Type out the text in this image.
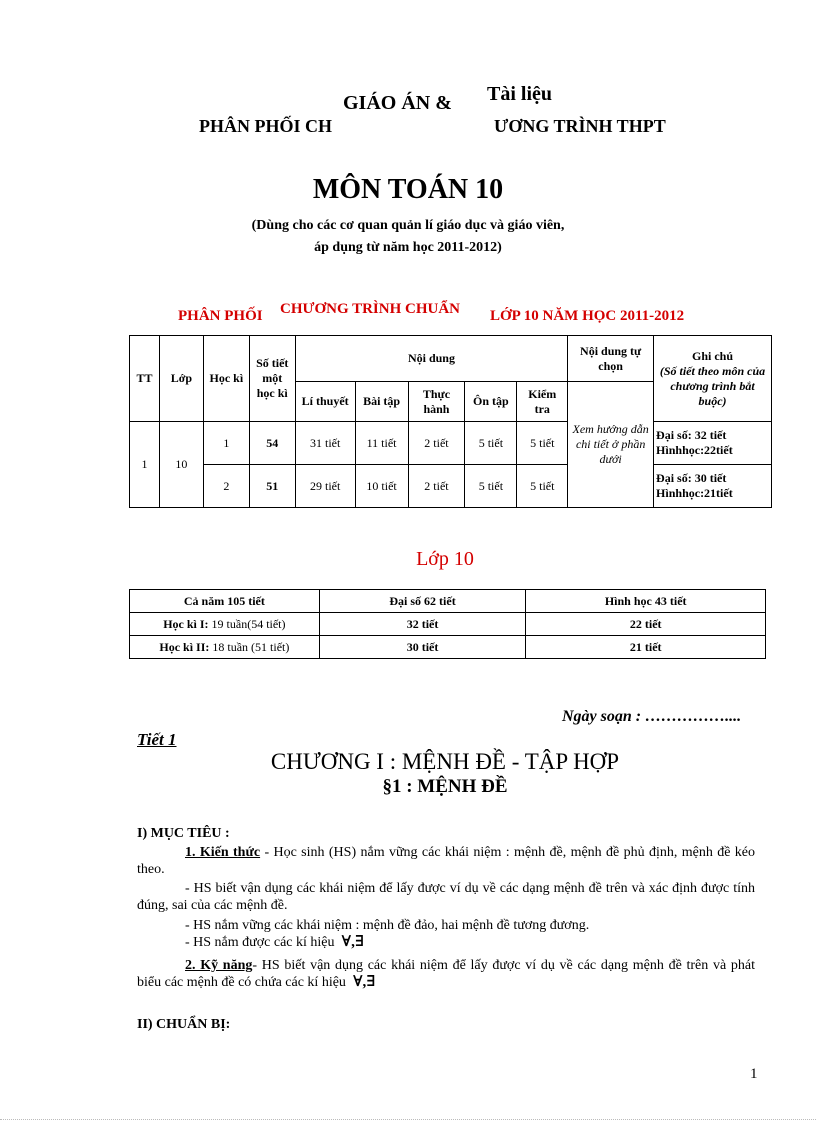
GIÁO ÁN & Tài liệu
PHÂN PHỐI CH	ƯƠNG TRÌNH THPT
MÔN TOÁN 10
(Dùng cho các cơ quan quản lí giáo dục và giáo viên,
áp dụng từ năm học 2011-2012)
PHÂN PHỐI CHƯƠNG TRÌNH CHUẨN LỚP 10 NĂM HỌC 2011-2012
TT	Lớp	Học kì	Số tiết một học kì	Nội dung					Nội dung tự chọn	Ghi chú
(Số tiết theo môn của chương trình bắt buộc)

				Lí thuyết	Bài tập	Thực hành	Ôn tập	Kiểm tra	Xem hướng dẫn chi tiết ở phần dưới	
1	10	1	54	31 tiết	11 tiết	2 tiết	5 tiết	5 tiết		Đại số: 32 tiết
Hìnhhọc:22tiết

		2	51	29 tiết	10 tiết	2 tiết	5 tiết	5 tiết		Đại số: 30 tiết
Hìnhhọc:21tiết
Lớp 10
Cả năm 105 tiết	Đại số 62 tiết	Hình học 43 tiết
Học kì I: 19 tuần(54 tiết)	32 tiết	22 tiết
Học kì II: 18 tuần (51 tiết)	30 tiết	21 tiết
Ngày soạn : ……………....
Tiết 1
CHƯƠNG I : MỆNH ĐỀ - TẬP HỢP
§1 : MỆNH ĐỀ
I) MỤC TIÊU :
1. Kiến thức - Học sinh (HS) nắm vững các khái niệm : mệnh đề, mệnh đề phủ định, mệnh đề kéo theo.
- HS biết vận dụng các khái niệm để lấy được ví dụ về các dạng mệnh đề trên và xác định được tính đúng, sai của các mệnh đề.
- HS nắm vững các khái niệm : mệnh đề đảo, hai mệnh đề tương đương.
- HS nắm được các kí hiệu ∀,∃
2. Kỹ năng- HS biết vận dụng các khái niệm để lấy được ví dụ về các dạng mệnh đề trên và phát biểu các mệnh đề có chứa các kí hiệu ∀,∃
II) CHUẨN BỊ:
1
